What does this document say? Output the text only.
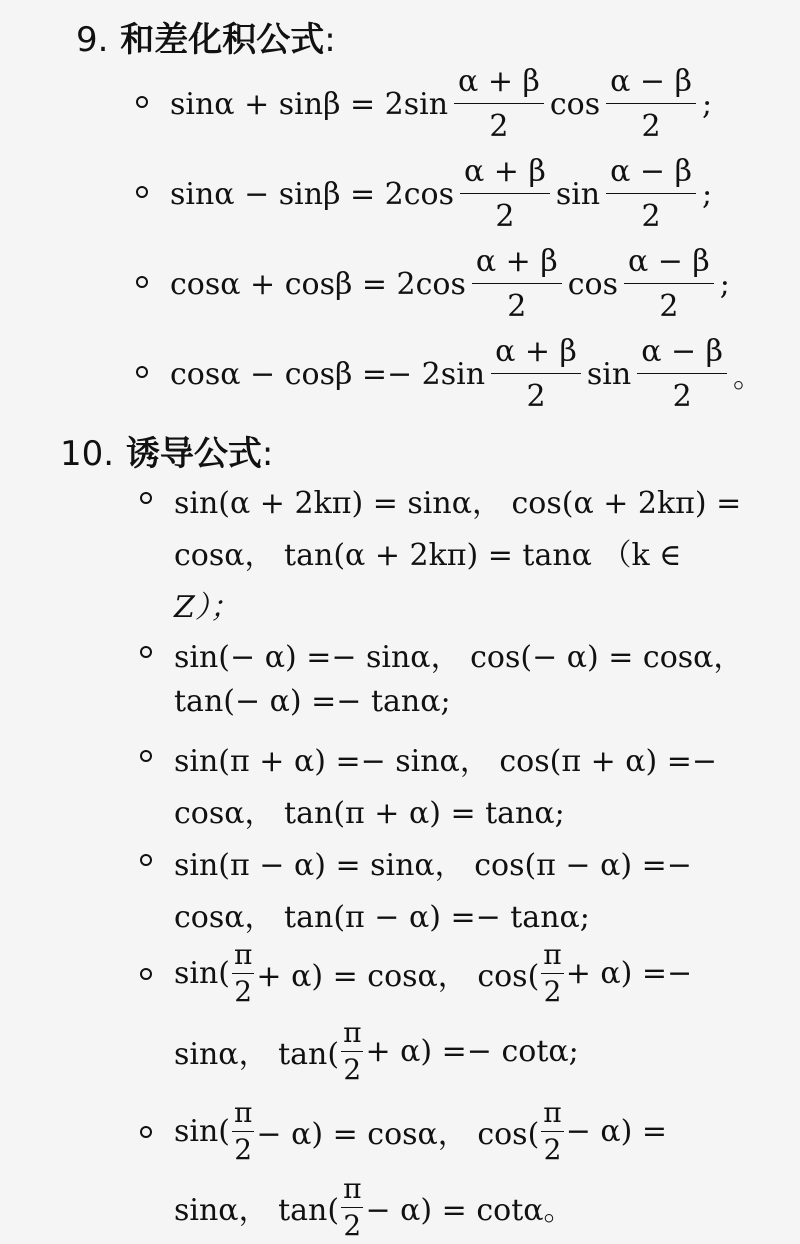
9. 和差化积公式:
$\sin\alpha + \sin\beta = 2\sin \frac{\alpha + \beta}{2}$ $\cos \frac{\alpha - \beta}{2}$ ;
$\sin\alpha - \sin\beta = 2\cos \frac{\alpha + \beta}{2}$ $\sin \frac{\alpha - \beta}{2}$ ;
$\cos\alpha + \cos\beta = 2\cos \frac{\alpha + \beta}{2}$ $\cos \frac{\alpha - \beta}{2}$ ;
$\cos\alpha - \cos\beta =- 2\sin \frac{\alpha + \beta}{2}$ $\sin \frac{\alpha - \beta}{2}$ 。
10. 诱导公式:
sin(α + 2kπ) = sinα， cos(α + 2kπ) =
cosα， tan(α + 2kπ) = tanα （k ∈
Z）；
sin(− α) =− sinα， cos(− α) = cosα，
tan(− α) =− tanα;
sin(π + α) =− sinα， cos(π + α) =−
cosα， tan(π + α) = tanα;
sin(π − α) = sinα， cos(π − α) =−
cosα， tan(π − α) =− tanα;
$\sin( \frac{\pi}{2} + \alpha) = \cos\alpha$， $\cos( \frac{\pi}{2} + \alpha)$ =−
sinα， $\tan( \frac{\pi}{2} + \alpha) =- \cot\alpha$;
$\sin( \frac{\pi}{2} - \alpha) = \cos\alpha$， $\cos( \frac{\pi}{2} - \alpha)$ =
sinα， $\tan( \frac{\pi}{2} - \alpha) = \cot\alpha$。
